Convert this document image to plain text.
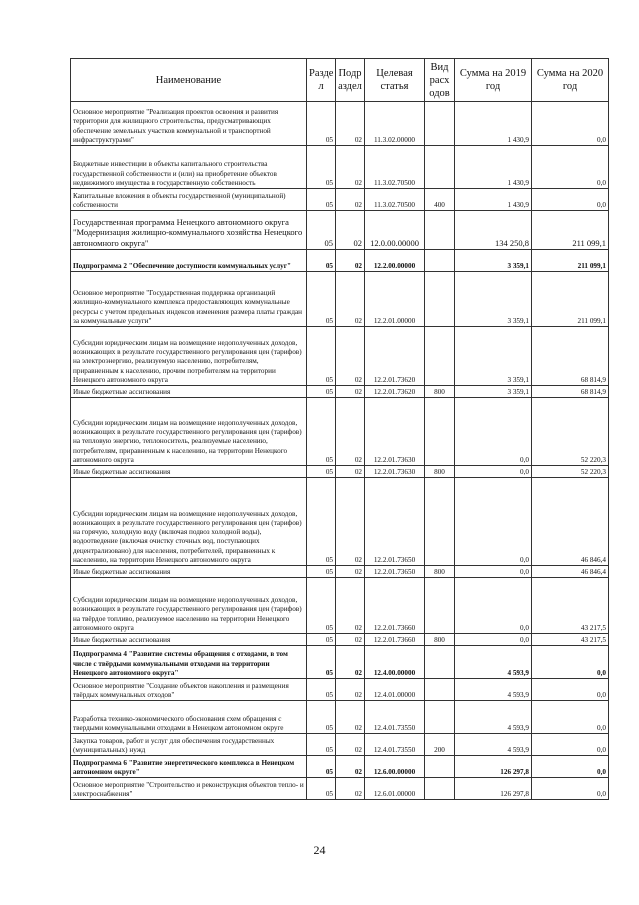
Наименование	Разде л	Подр аздел	Целевая статья	Вид расх одов	Сумма на 2019 год	Сумма на 2020 год
Основное мероприятие "Реализация проектов освоения и развития территории для жилищного строительства, предусматривающих обеспечение земельных участков коммунальной и транспортной инфраструктурами"	05	02	11.3.02.00000		1 430,9	0,0
Бюджетные инвестиции в объекты капитального строительства государственной собственности и (или) на приобретение объектов недвижимого имущества в государственную собственность	05	02	11.3.02.70500		1 430,9	0,0
Капитальные вложения в объекты государственной (муниципальной) собственности	05	02	11.3.02.70500	400	1 430,9	0,0
Государственная программа Ненецкого автономного округа "Модернизация жилищно-коммунального хозяйства Ненецкого автономного округа"	05	02	12.0.00.00000		134 250,8	211 099,1
Подпрограмма 2 "Обеспечение доступности коммунальных услуг"	05	02	12.2.00.00000		3 359,1	211 099,1
Основное мероприятие "Государственная поддержка организаций жилищно-коммунального комплекса предоставляющих коммунальные ресурсы с учетом предельных индексов изменения размера платы граждан за коммунальные услуги"	05	02	12.2.01.00000		3 359,1	211 099,1
Субсидии юридическим лицам на возмещение недополученных доходов, возникающих в результате государственного регулирования цен (тарифов) на электроэнергию, реализуемую населению, потребителям, приравненным к населению, прочим потребителям на территории Ненецкого автономного округа	05	02	12.2.01.73620		3 359,1	68 814,9
Иные бюджетные ассигнования	05	02	12.2.01.73620	800	3 359,1	68 814,9
Субсидии юридическим лицам на возмещение недополученных доходов, возникающих в результате государственного регулирования цен (тарифов) на тепловую энергию, теплоноситель, реализуемые населению, потребителям, приравненным к населению, на территории Ненецкого автономного округа	05	02	12.2.01.73630		0,0	52 220,3
Иные бюджетные ассигнования	05	02	12.2.01.73630	800	0,0	52 220,3
Субсидии юридическим лицам на возмещение недополученных доходов, возникающих в результате государственного регулирования цен (тарифов) на горячую, холодную воду (включая подвоз холодной воды), водоотведение (включая очистку сточных вод, поступающих децентрализовано) для населения, потребителей, приравненных к населению, на территории Ненецкого автономного округа	05	02	12.2.01.73650		0,0	46 846,4
Иные бюджетные ассигнования	05	02	12.2.01.73650	800	0,0	46 846,4
Субсидии юридическим лицам на возмещение недополученных доходов, возникающих в результате государственного регулирования цен (тарифов) на твёрдое топливо, реализуемое населению на территории Ненецкого автономного округа	05	02	12.2.01.73660		0,0	43 217,5
Иные бюджетные ассигнования	05	02	12.2.01.73660	800	0,0	43 217,5
Подпрограмма 4 "Развитие системы обращения с отходами, в том числе с твёрдыми коммунальными отходами на территории Ненецкого автономного округа"	05	02	12.4.00.00000		4 593,9	0,0
Основное мероприятие "Создание объектов накопления и размещения твёрдых коммунальных отходов"	05	02	12.4.01.00000		4 593,9	0,0
Разработка технико-экономического обоснования схем обращения с твердыми коммунальными отходами в Ненецком автономном округе	05	02	12.4.01.73550		4 593,9	0,0
Закупка товаров, работ и услуг для обеспечения государственных (муниципальных) нужд	05	02	12.4.01.73550	200	4 593,9	0,0
Подпрограмма 6 "Развитие энергетического комплекса в Ненецком автономном округе"	05	02	12.6.00.00000		126 297,8	0,0
Основное мероприятие "Строительство и реконструкция объектов тепло- и электроснабжения"	05	02	12.6.01.00000		126 297,8	0,0
24
